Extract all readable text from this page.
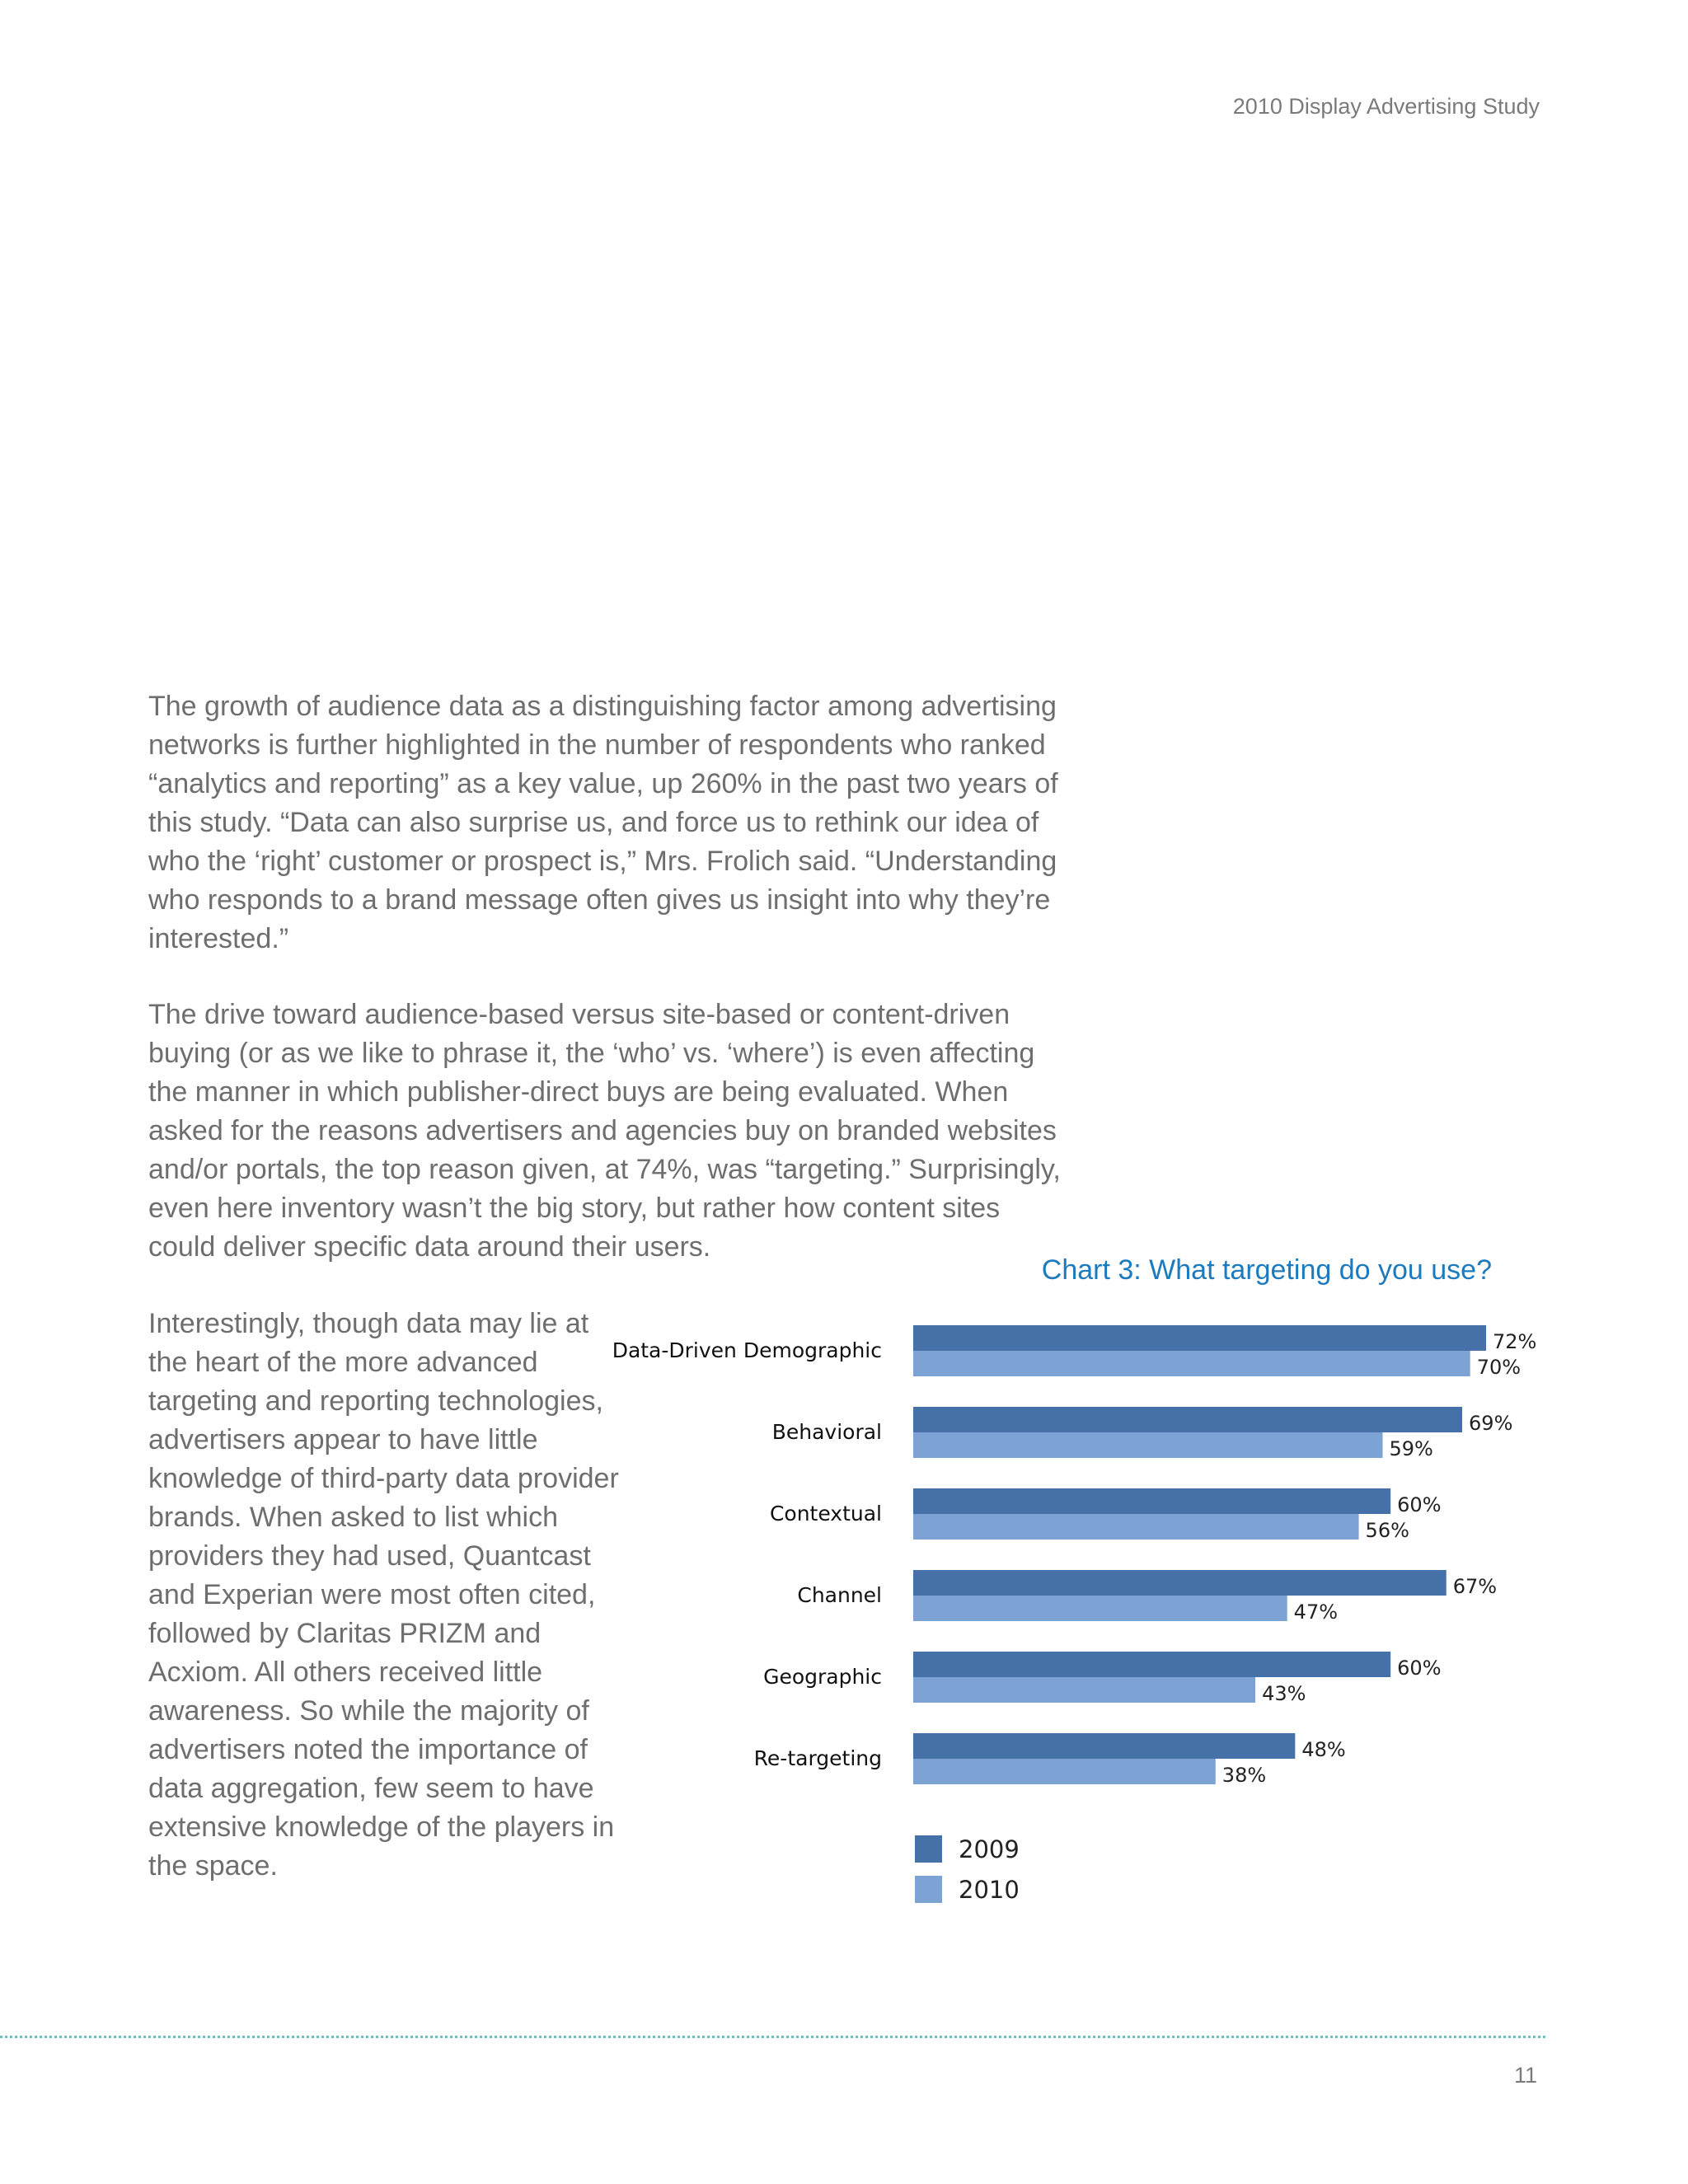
2010 Display Advertising Study

The growth of audience data as a distinguishing factor among advertising networks is further highlighted in the number of respondents who ranked “analytics and reporting” as a key value, up 260% in the past two years of this study. “Data can also surprise us, and force us to rethink our idea of who the ‘right’ customer or prospect is,” Mrs. Frolich said. “Understanding who responds to a brand message often gives us insight into why they’re interested.”

The drive toward audience-based versus site-based or content-driven buying (or as we like to phrase it, the ‘who’ vs. ‘where’) is even affecting the manner in which publisher-direct buys are being evaluated. When asked for the reasons advertisers and agencies buy on branded websites and/or portals, the top reason given, at 74%, was “targeting.” Surprisingly, even here inventory wasn’t the big story, but rather how content sites could deliver specific data around their users.

Interestingly, though data may lie at the heart of the more advanced targeting and reporting technologies, advertisers appear to have little knowledge of third-party data provider brands. When asked to list which providers they had used, Quantcast and Experian were most often cited, followed by Claritas PRIZM and Acxiom. All others received little awareness. So while the majority of advertisers noted the importance of data aggregation, few seem to have extensive knowledge of the players in the space.

Chart 3: What targeting do you use?
Data-Driven Demographic	72%
70%
Behavioral	69%
59%
Contextual	60%
56%
Channel	67%
47%
Geographic	60%
43%
Re-targeting	48%
38%
2009
2010
11
